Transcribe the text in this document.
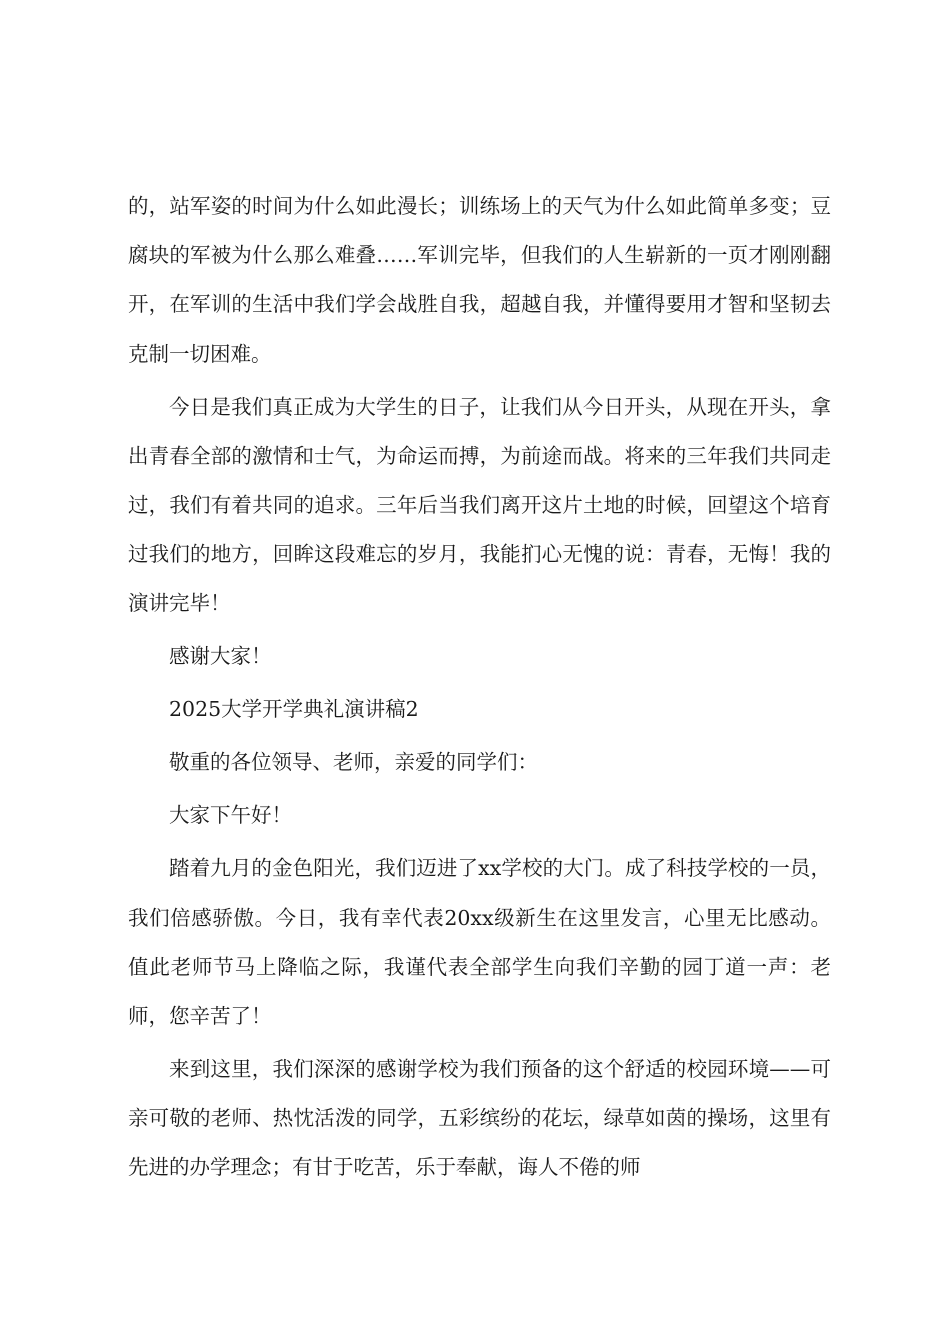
的，站军姿的时间为什么如此漫长；训练场上的天气为什么如此简单多变；豆腐块的军被为什么那么难叠……军训完毕，但我们的人生崭新的一页才刚刚翻开，在军训的生活中我们学会战胜自我，超越自我，并懂得要用才智和坚韧去克制一切困难。

今日是我们真正成为大学生的日子，让我们从今日开头，从现在开头，拿出青春全部的激情和士气，为命运而搏，为前途而战。将来的三年我们共同走过，我们有着共同的追求。三年后当我们离开这片土地的时候，回望这个培育过我们的地方，回眸这段难忘的岁月，我能扪心无愧的说：青春，无悔！我的演讲完毕！

感谢大家！

2025大学开学典礼演讲稿2

敬重的各位领导、老师，亲爱的同学们：

大家下午好！

踏着九月的金色阳光，我们迈进了xx学校的大门。成了科技学校的一员，我们倍感骄傲。今日，我有幸代表20xx级新生在这里发言，心里无比感动。值此老师节马上降临之际，我谨代表全部学生向我们辛勤的园丁道一声：老师，您辛苦了！

来到这里，我们深深的感谢学校为我们预备的这个舒适的校园环境——可亲可敬的老师、热忱活泼的同学，五彩缤纷的花坛，绿草如茵的操场，这里有先进的办学理念；有甘于吃苦，乐于奉献，诲人不倦的师
